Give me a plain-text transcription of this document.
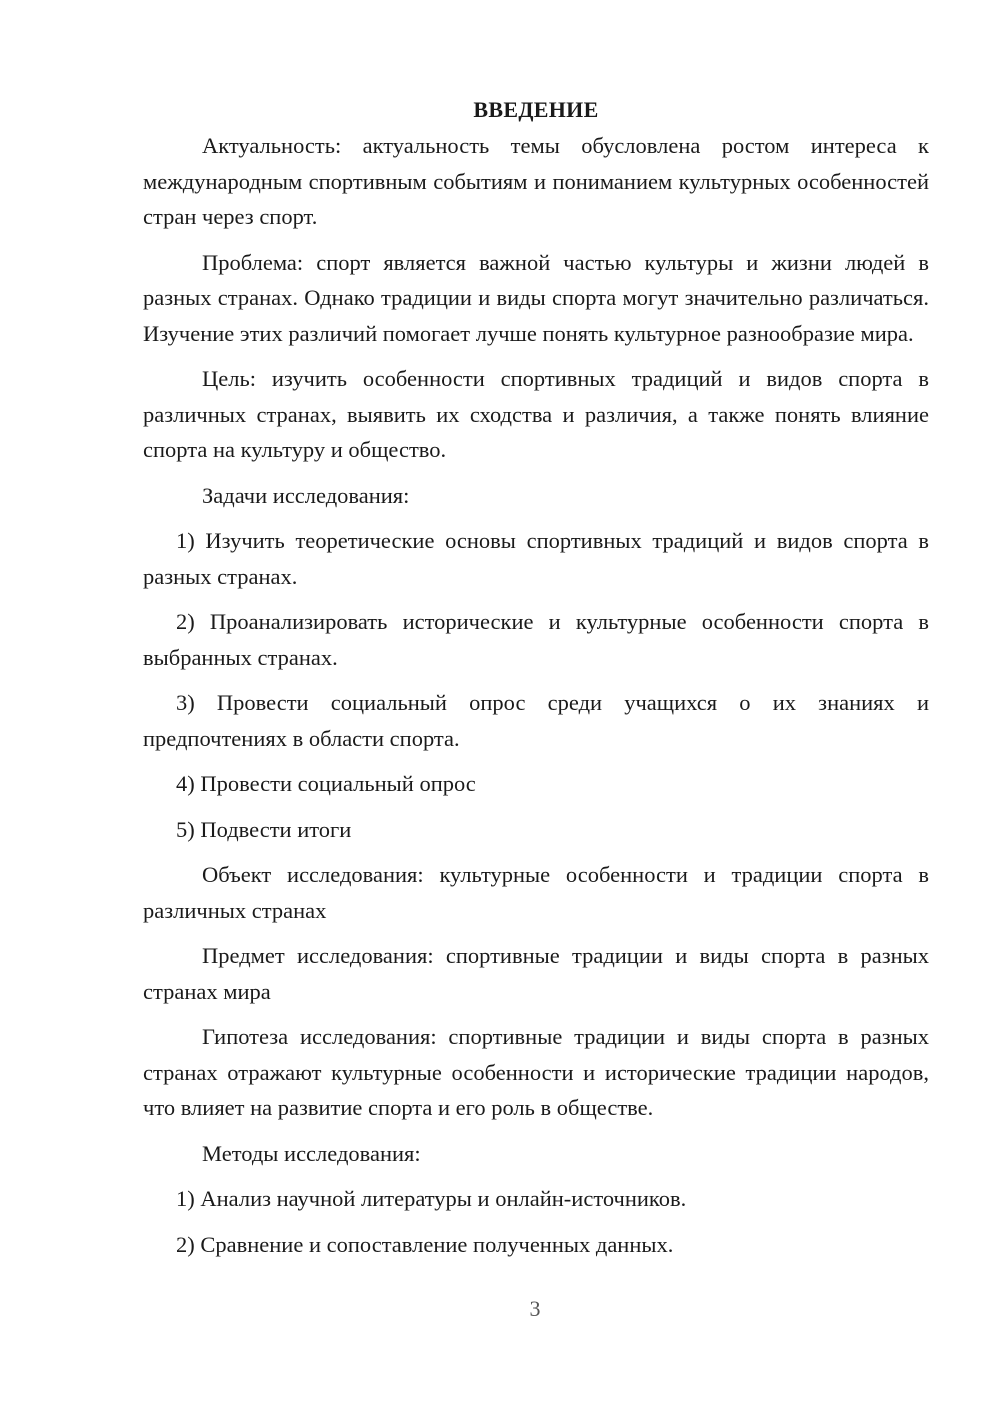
ВВЕДЕНИЕ

Актуальность: актуальность темы обусловлена ростом интереса к международным спортивным событиям и пониманием культурных особенностей стран через спорт.

Проблема: спорт является важной частью культуры и жизни людей в разных странах. Однако традиции и виды спорта могут значительно различаться. Изучение этих различий помогает лучше понять культурное разнообразие мира.

Цель: изучить особенности спортивных традиций и видов спорта в различных странах, выявить их сходства и различия, а также понять влияние спорта на культуру и общество.

Задачи исследования:

1) Изучить теоретические основы спортивных традиций и видов спорта в разных странах.

2) Проанализировать исторические и культурные особенности спорта в выбранных странах.

3) Провести социальный опрос среди учащихся о их знаниях и предпочтениях в области спорта.

4) Провести социальный опрос

5) Подвести итоги

Объект исследования: культурные особенности и традиции спорта в различных странах

Предмет исследования: спортивные традиции и виды спорта в разных странах мира

Гипотеза исследования: спортивные традиции и виды спорта в разных странах отражают культурные особенности и исторические традиции народов, что влияет на развитие спорта и его роль в обществе.

Методы исследования:

1) Анализ научной литературы и онлайн-источников.

2) Сравнение и сопоставление полученных данных.

3
